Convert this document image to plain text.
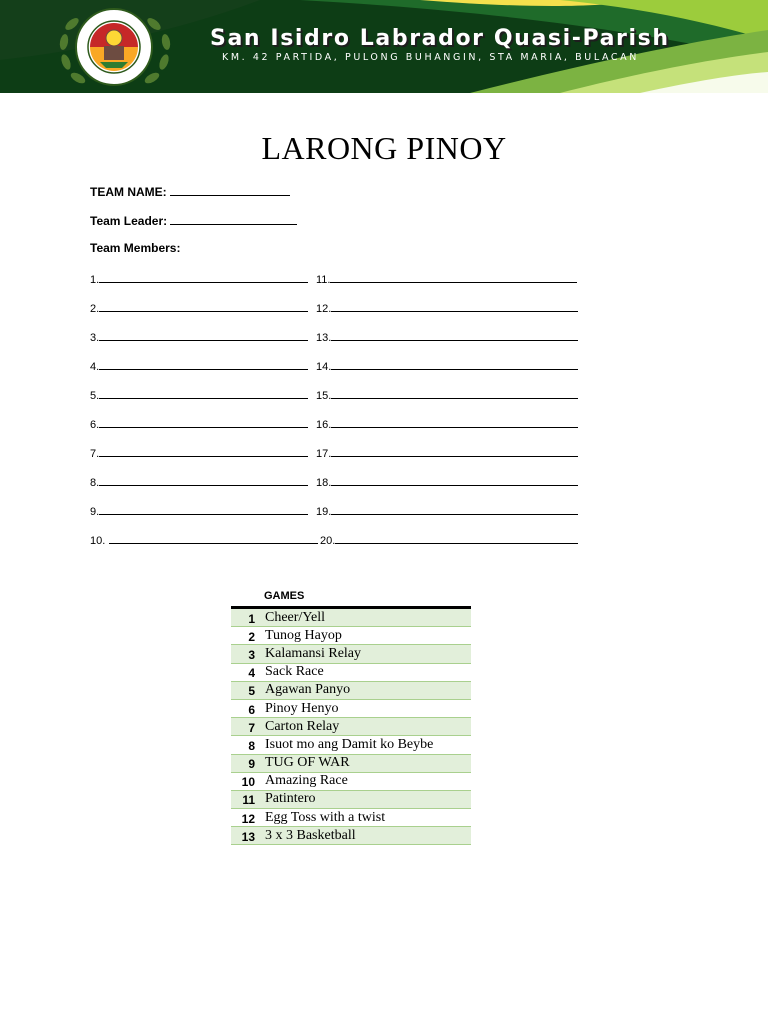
San Isidro Labrador Quasi-Parish
KM. 42 PARTIDA, PULONG BUHANGIN, STA MARIA, BULACAN
LARONG PINOY
TEAM NAME:
Team Leader:
Team Members:
1.
2.
3.
4.
5.
6.
7.
8.
9.
10.
11.
12.
13.
14.
15.
16.
17.
18.
19.
20.
GAMES
1 Cheer/Yell
2 Tunog Hayop
3 Kalamansi Relay
4 Sack Race
5 Agawan Panyo
6 Pinoy Henyo
7 Carton Relay
8 Isuot mo ang Damit ko Beybe
9 TUG OF WAR
10 Amazing Race
11 Patintero
12 Egg Toss with a twist
13 3 x 3 Basketball
